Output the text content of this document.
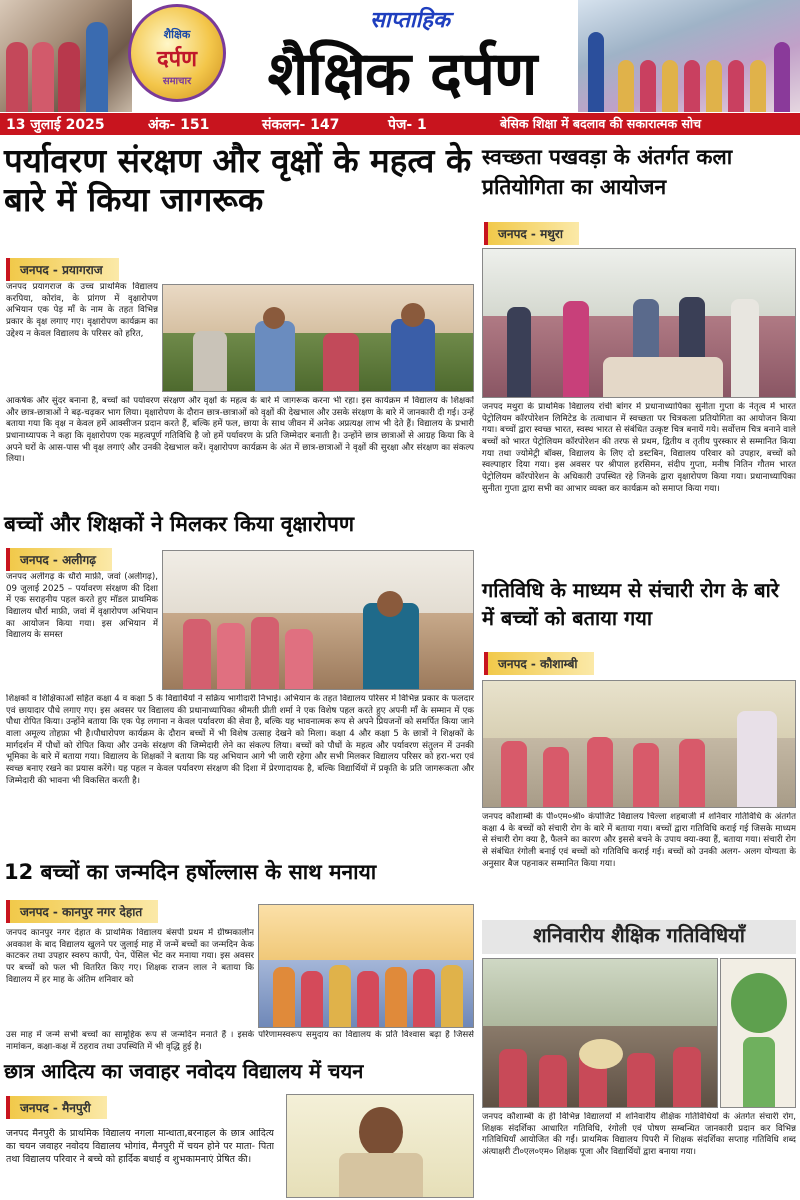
शैक्षिक
दर्पण
समाचार
साप्ताहिक
शैक्षिक दर्पण
13 जुलाई 2025	अंक- 151	संकलन- 147	पेज- 1	बेसिक शिक्षा में बदलाव की सकारात्मक सोच
पर्यावरण संरक्षण और वृक्षों के महत्व के बारे में किया जागरूक
जनपद - प्रयागराज
जनपद प्रयागराज के उच्च प्राथमिक विद्यालय करपिया, कोरांव, के प्रांगण में वृक्षारोपण अभियान एक पेड़ माँ के नाम के तहत विभिन्न प्रकार के वृक्ष लगाए गए। वृक्षारोपण कार्यक्रम का उद्देश्य न केवल विद्यालय के परिसर को हरित,
आकर्षक और सुंदर बनाना है, बच्चों को पर्यावरण संरक्षण और वृक्षों के महत्व के बारे में जागरूक करना भी रहा। इस कार्यक्रम में विद्यालय के शिक्षकों और छात्र-छात्राओं ने बढ़-चढ़कर भाग लिया। वृक्षारोपण के दौरान छात्र-छात्राओं को वृक्षों की देखभाल और उसके संरक्षण के बारे में जानकारी दी गई। उन्हें बताया गया कि वृक्ष न केवल हमें आक्सीजन प्रदान करते हैं, बल्कि हमें फल, छाया के साथ जीवन में अनेक अप्रत्यक्ष लाभ भी देते हैं। विद्यालय के प्रभारी प्रधानाध्यापक ने कहा कि वृक्षारोपण एक महत्वपूर्ण गतिविधि है जो हमें पर्यावरण के प्रति जिम्मेदार बनाती है। उन्होंने छात्र छात्राओं से आग्रह किया कि वे अपने घरों के आस-पास भी वृक्ष लगाएं और उनकी देखभाल करें। वृक्षारोपण कार्यक्रम के अंत में छात्र-छात्राओं ने वृक्षों की सुरक्षा और संरक्षण का संकल्प लिया।
बच्चों और शिक्षकों ने मिलकर किया वृक्षारोपण
जनपद - अलीगढ़
जनपद अलीगढ़ के धौर्रा माफ़ी, जवां (अलीगढ़), 09 जुलाई 2025 – पर्यावरण संरक्षण की दिशा में एक सराहनीय पहल करते हुए मॉडल प्राथमिक विद्यालय धौर्रा माफ़ी, जवां में वृक्षारोपण अभियान का आयोजन किया गया। इस अभियान में विद्यालय के समस्त
शिक्षकों व शिक्षिकाओं सहित कक्षा 4 व कक्षा 5 के विद्यार्थियों ने सक्रिय भागीदारी निभाई। अभियान के तहत विद्यालय परिसर में विभिन्न प्रकार के फलदार एवं छायादार पौधे लगाए गए। इस अवसर पर विद्यालय की प्रधानाध्यापिका श्रीमती प्रीती शर्मा ने एक विशेष पहल करते हुए अपनी माँ के सम्मान में एक पौधा रोपित किया। उन्होंने बताया कि एक पेड़ लगाना न केवल पर्यावरण की सेवा है, बल्कि यह भावनात्मक रूप से अपने प्रियजनों को समर्पित किया जाने वाला अमूल्य तोहफ़ा भी है।पौधारोपण कार्यक्रम के दौरान बच्चों में भी विशेष उत्साह देखने को मिला। कक्षा 4 और कक्षा 5 के छात्रों ने शिक्षकों के मार्गदर्शन में पौधों को रोपित किया और उनके संरक्षण की जिम्मेदारी लेने का संकल्प लिया। बच्चों को पौधों के महत्व और पर्यावरण संतुलन में उनकी भूमिका के बारे में बताया गया। विद्यालय के शिक्षकों ने बताया कि यह अभियान आगे भी जारी रहेगा और सभी मिलकर विद्यालय परिसर को हरा-भरा एवं स्वच्छ बनाए रखने का प्रयास करेंगे। यह पहल न केवल पर्यावरण संरक्षण की दिशा में प्रेरणादायक है, बल्कि विद्यार्थियों में प्रकृति के प्रति जागरूकता और जिम्मेदारी की भावना भी विकसित करती है।
12 बच्चों का जन्मदिन हर्षोल्लास के साथ मनाया
जनपद - कानपुर नगर देहात
जनपद कानपुर नगर देहात के प्राथमिक विद्यालय बंसपी प्रथम में ग्रीष्मकालीन अवकाश के बाद विद्यालय खुलने पर जुलाई माह में जन्में बच्चों का जन्मदिन केक काटकर तथा उपहार स्वरुप कापी, पेन, पेंसिल भेंट कर मनाया गया। इस अवसर पर बच्चों को फल भी वितरित किए गए। शिक्षक राजन लाल ने बताया कि विद्यालय में हर माह के अंतिम शनिवार को
उस माह में जन्मे सभी बच्चों का सामूहिक रूप से जन्मदिन मनाते हैं । इसके परिणामस्वरूप समुदाय का विद्यालय के प्रति विश्वास बढ़ा है जिससे नामांकन, कक्षा-कक्ष में ठहराव तथा उपस्थिति में भी वृद्धि हुई है।
छात्र आदित्य का जवाहर नवोदय विद्यालय में चयन
जनपद - मैनपुरी
जनपद मैनपुरी के प्राथमिक विद्यालय नगला मान्धाता,बरनाहल के छात्र आदित्य का चयन जवाहर नवोदय विद्यालय भोगांव, मैनपुरी में चयन होने पर माता- पिता तथा विद्यालय परिवार ने बच्चे को हार्दिक बधाई व शुभकामनाएं प्रेषित की।
स्वच्छता पखवड़ा के अंतर्गत कला प्रतियोगिता का आयोजन
जनपद - मथुरा
जनपद मथुरा के प्राथमिक विद्यालय रांची बांगर में प्रधानाध्यापिका सुनीता गुप्ता के नेतृत्व में भारत पेट्रोलियम कॉरपोरेशन लिमिटेड के तत्वाधान में स्वच्छता पर चित्रकला प्रतियोगिता का आयोजन किया गया। बच्चों द्वारा स्वच्छ भारत, स्वस्थ भारत से संबंधित उत्कृष्ट चित्र बनायें गये। सर्वोत्तम चित्र बनाने वाले बच्चों को भारत पेट्रोलियम कॉरपोरेशन की तरफ से प्रथम, द्वितीय व तृतीय पुरस्कार से सम्मानित किया गया तथा ज्योमेट्री बॉक्स, विद्यालय के लिए दो डस्टबिन, विद्यालय परिवार को उपहार, बच्चों को स्वल्पाहार दिया गया। इस अवसर पर श्रीपाल हरसिमन, संदीप गुप्ता, मनीष नितिन गौतम भारत पेट्रोलियम कॉरपोरेशन के अधिकारी उपस्थित रहे जिनके द्वारा वृक्षारोपण किया गया। प्रधानाध्यापिका सुनीता गुप्ता द्वारा सभी का आभार व्यक्त कर कार्यक्रम को समाप्त किया गया।
गतिविधि के माध्यम से संचारी रोग के बारे में बच्चों को बताया गया
जनपद - कौशाम्बी
जनपद कौशाम्बी के पी०एम०श्री० कंपोजिट विद्यालय चिल्ला शहबाजी में शनिवार गतिविधि के अंतर्गत कक्षा 4 के बच्चों को संचारी रोग के बारे में बताया गया। बच्चों द्वारा गतिविधि कराई गई जिसके माध्यम से संचारी रोग क्या है, फैलने का कारण और इससे बचने के उपाय क्या-क्या हैं, बताया गया। संचारी रोग से संबंधित रंगोली बनाई एवं बच्चों को गतिविधि कराई गई। बच्चों को उनकी अलग- अलग योग्यता के अनुसार बैज पहनाकर सम्मानित किया गया।
शनिवारीय शैक्षिक गतिविधियाँ
जनपद कौशाम्बी के ही विभिन्न विद्यालयों में शनिवारीय शैक्षिक गतिविधियों के अंतर्गत संचारी रोग, शिक्षक संदर्शिका आधारित गतिविधि, रंगोली एवं पोषण सम्बन्धित जानकारी प्रदान कर विभिन्न गतिविधियाँ आयोजित की गईं। प्राथमिक विद्यालय पिपरी में शिक्षक संदर्शिका सप्ताह गतिविधि शब्द अंत्याक्षरी टी०एल०एम० शिक्षक पूजा और विद्यार्थियों द्वारा बनाया गया।
